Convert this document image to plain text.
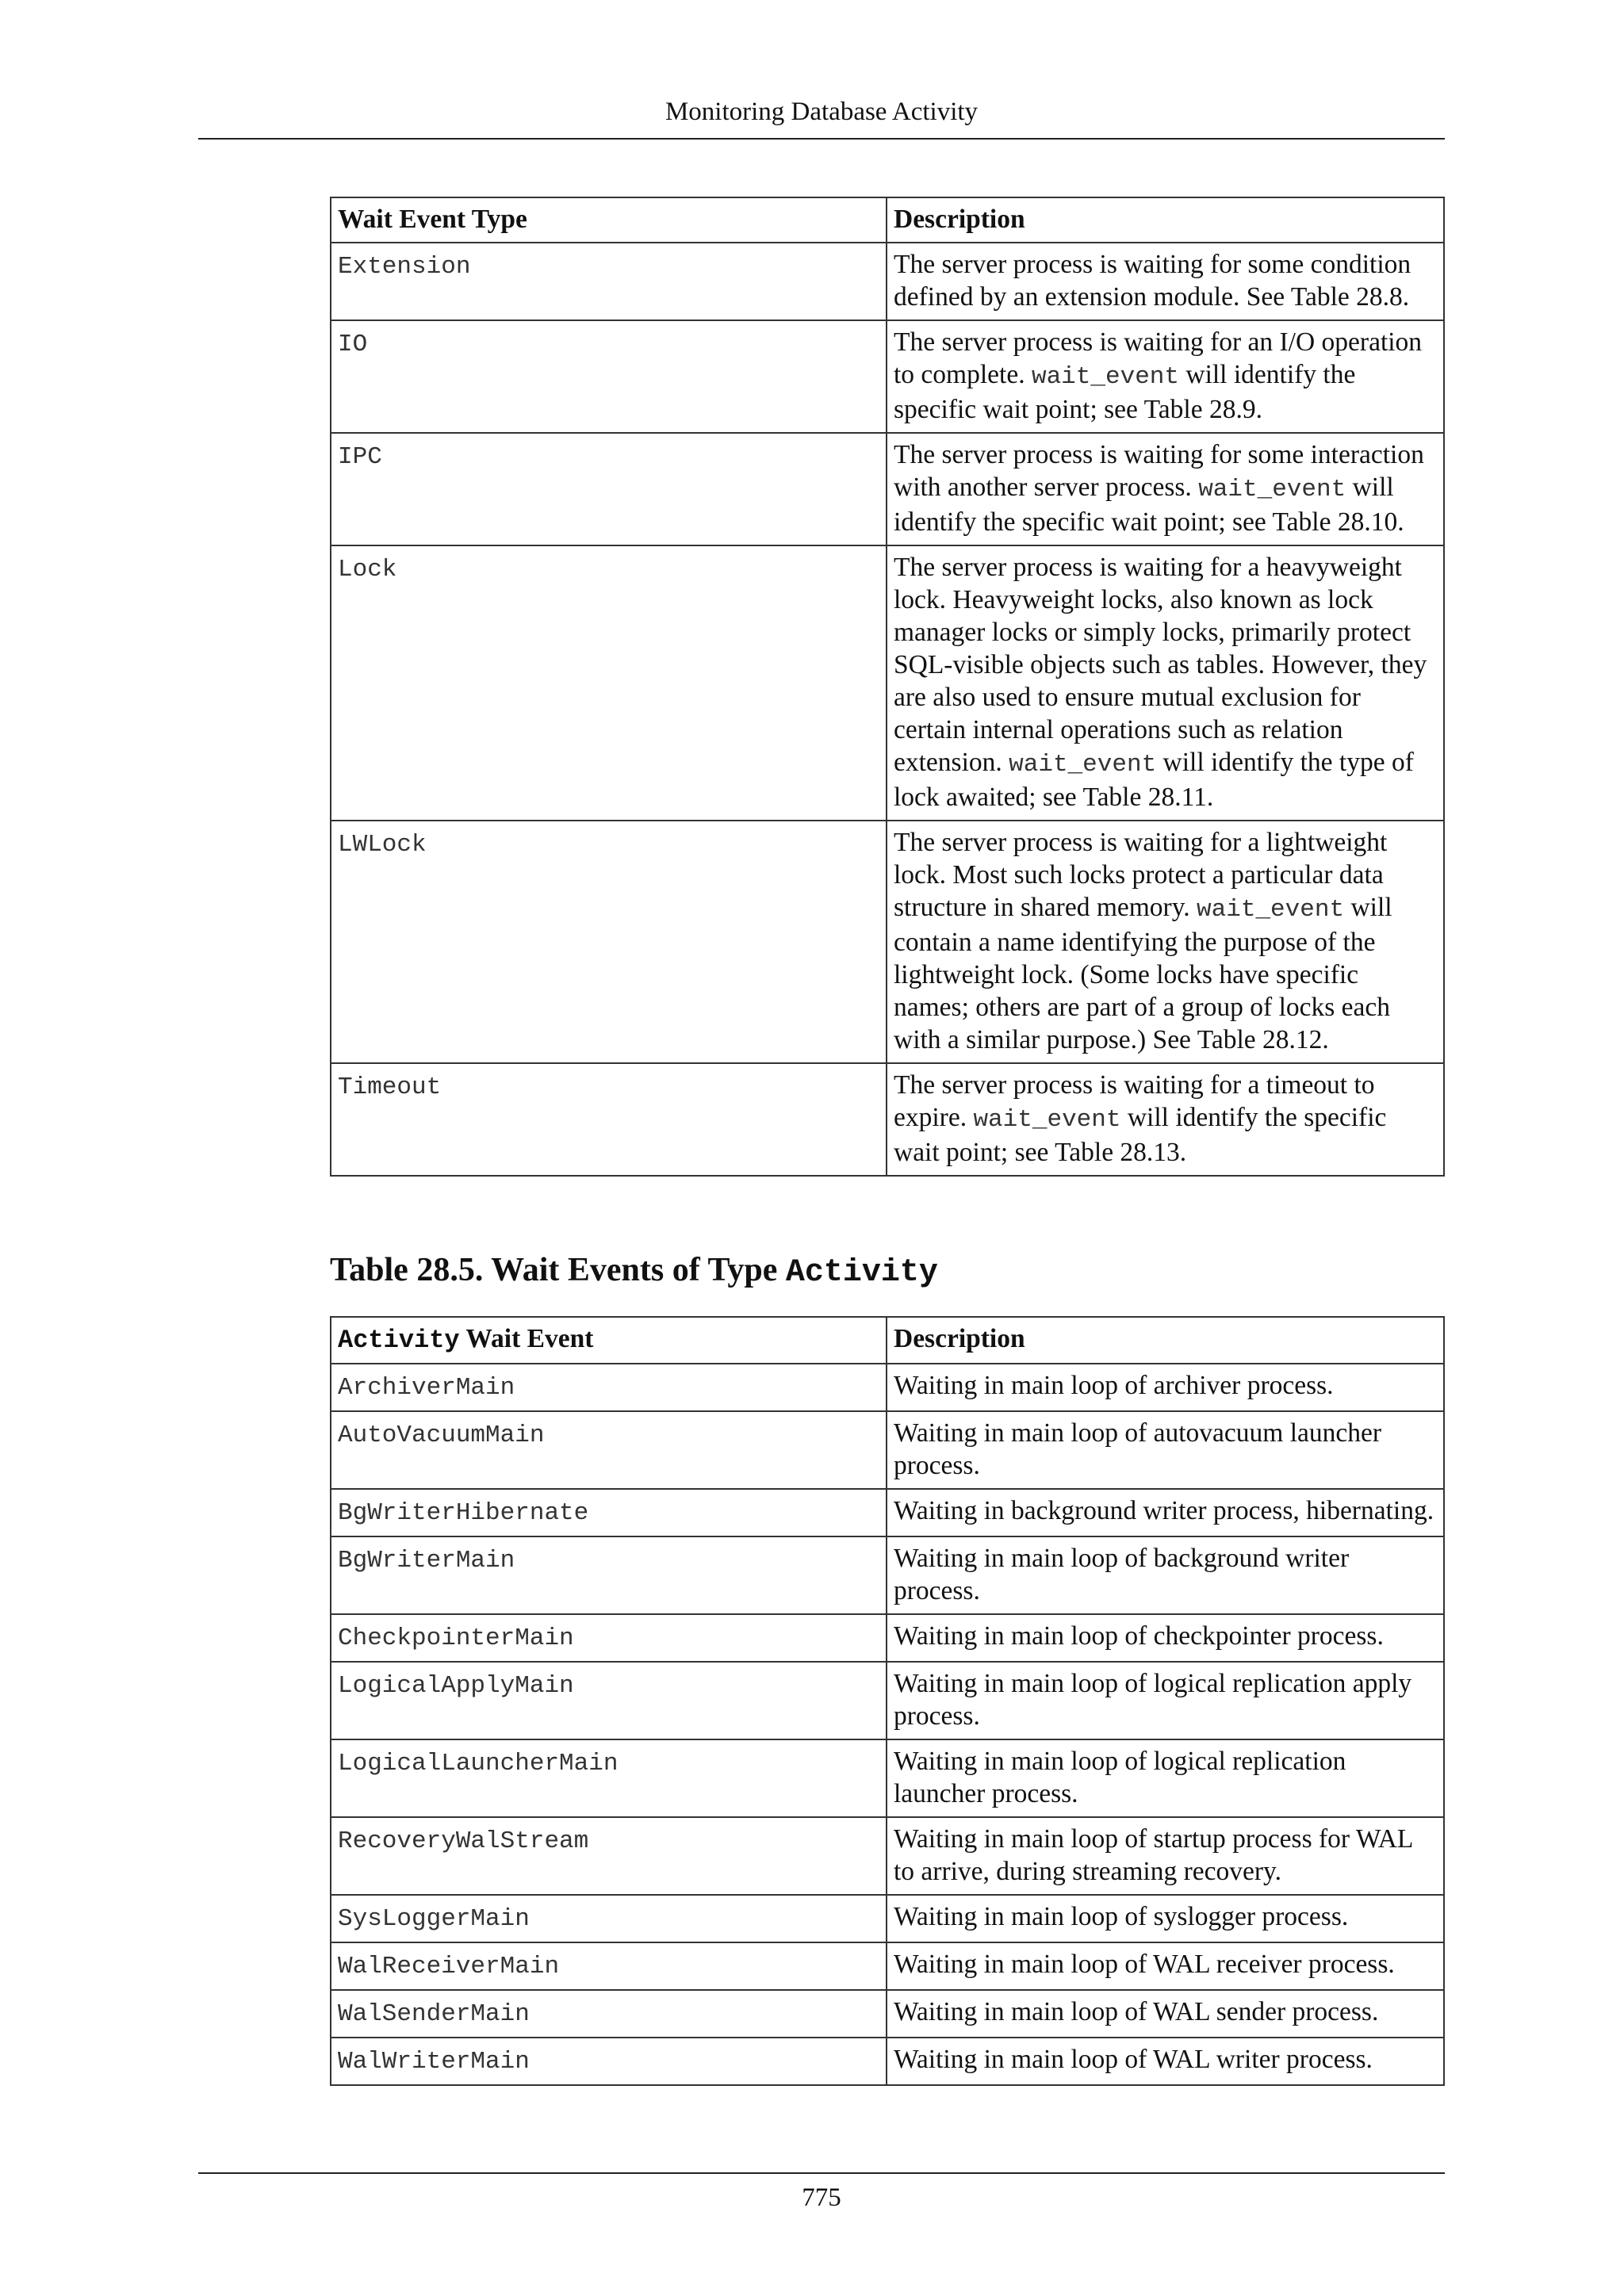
Monitoring Database Activity
Wait Event Type	Description
Extension	The server process is waiting for some condition defined by an extension module. See Table 28.8.
IO	The server process is waiting for an I/O operation to complete. wait_event will identify the specific wait point; see Table 28.9.
IPC	The server process is waiting for some interaction with another server process. wait_event will identify the specific wait point; see Table 28.10.
Lock	The server process is waiting for a heavyweight lock. Heavyweight locks, also known as lock manager locks or simply locks, primarily protect SQL-visible objects such as tables. However, they are also used to ensure mutual exclusion for certain internal operations such as relation extension. wait_event will identify the type of lock awaited; see Table 28.11.
LWLock	The server process is waiting for a lightweight lock. Most such locks protect a particular data structure in shared memory. wait_event will contain a name identifying the purpose of the lightweight lock. (Some locks have specific names; others are part of a group of locks each with a similar purpose.) See Table 28.12.
Timeout	The server process is waiting for a timeout to expire. wait_event will identify the specific wait point; see Table 28.13.
Table 28.5. Wait Events of Type Activity
Activity Wait Event	Description
ArchiverMain	Waiting in main loop of archiver process.
AutoVacuumMain	Waiting in main loop of autovacuum launcher process.
BgWriterHibernate	Waiting in background writer process, hibernating.
BgWriterMain	Waiting in main loop of background writer process.
CheckpointerMain	Waiting in main loop of checkpointer process.
LogicalApplyMain	Waiting in main loop of logical replication apply process.
LogicalLauncherMain	Waiting in main loop of logical replication launcher process.
RecoveryWalStream	Waiting in main loop of startup process for WAL to arrive, during streaming recovery.
SysLoggerMain	Waiting in main loop of syslogger process.
WalReceiverMain	Waiting in main loop of WAL receiver process.
WalSenderMain	Waiting in main loop of WAL sender process.
WalWriterMain	Waiting in main loop of WAL writer process.
775
